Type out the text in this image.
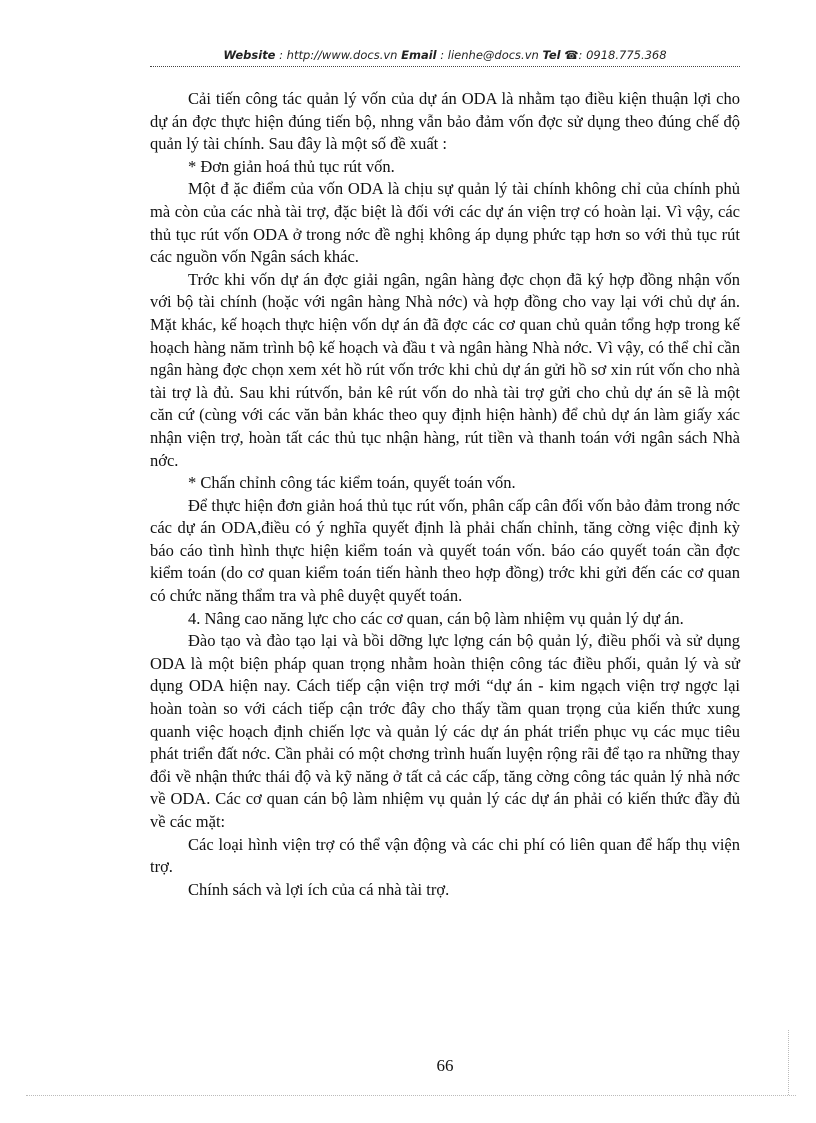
Website : http://www.docs.vn Email : lienhe@docs.vn Tel ☎: 0918.775.368

Cải tiến công tác quản lý vốn của dự án ODA là nhằm tạo điều kiện thuận lợi cho dự án đợc thực hiện đúng tiến bộ, nhng vẫn bảo đảm vốn đợc sử dụng theo đúng chế độ quản lý tài chính. Sau đây là một số đề xuất :

* Đơn giản hoá thủ tục rút vốn.

Một đ ặc điểm của vốn ODA là chịu sự quản lý tài chính không chỉ của chính phủ mà còn của các nhà tài trợ, đặc biệt là đối với các dự án viện trợ có hoàn lại. Vì vậy, các thủ tục rút vốn ODA ở trong nớc đề nghị không áp dụng phức tạp hơn so với thủ tục rút các nguồn vốn Ngân sách khác.

Trớc khi vốn dự án đợc giải ngân, ngân hàng đợc chọn đã ký hợp đồng nhận vốn với bộ tài chính (hoặc với ngân hàng Nhà nớc) và hợp đồng cho vay lại với chủ dự án. Mặt khác, kế hoạch thực hiện vốn dự án đã đợc các cơ quan chủ quản tổng hợp trong kế hoạch hàng năm trình bộ kế hoạch và đầu t và ngân hàng Nhà nớc. Vì vậy, có thể chỉ cần ngân hàng đợc chọn xem xét hồ rút vốn trớc khi chủ dự án gửi hồ sơ xin rút vốn cho nhà tài trợ là đủ. Sau khi rútvốn, bản kê rút vốn do nhà tài trợ gửi cho chủ dự án sẽ là một căn cứ (cùng với các văn bản khác theo quy định hiện hành) để chủ dự án làm giấy xác nhận viện trợ, hoàn tất các thủ tục nhận hàng, rút tiền và thanh toán với ngân sách Nhà nớc.

* Chấn chỉnh công tác kiểm toán, quyết toán vốn.

Để thực hiện đơn giản hoá thủ tục rút vốn, phân cấp cân đối vốn bảo đảm trong nớc các dự án ODA,điều có ý nghĩa quyết định là phải chấn chỉnh, tăng cờng việc định kỳ báo cáo tình hình thực hiện kiểm toán và quyết toán vốn. báo cáo quyết toán cần đợc kiểm toán (do cơ quan kiểm toán tiến hành theo hợp đồng) trớc khi gửi đến các cơ quan có chức năng thẩm tra và phê duyệt quyết toán.

4. Nâng cao năng lực cho các cơ quan, cán bộ làm nhiệm vụ quản lý dự án.

Đào tạo và đào tạo lại và bồi dỡng lực lợng cán bộ quản lý, điều phối và sử dụng ODA là một biện pháp quan trọng nhằm hoàn thiện công tác điều phối, quản lý và sử dụng ODA hiện nay. Cách tiếp cận viện trợ mới “dự án - kim ngạch viện trợ ngợc lại hoàn toàn so với cách tiếp cận trớc đây cho thấy tầm quan trọng của kiến thức xung quanh việc hoạch định chiến lợc và quản lý các dự án phát triển phục vụ các mục tiêu phát triển đất nớc. Cần phải có một chơng trình huấn luyện rộng rãi để tạo ra những thay đổi về nhận thức thái độ và kỹ năng ở tất cả các cấp, tăng cờng công tác quản lý nhà nớc về ODA. Các cơ quan cán bộ làm nhiệm vụ quản lý các dự án phải có kiến thức đầy đủ về các mặt:

Các loại hình viện trợ có thể vận động và các chi phí có liên quan để hấp thụ viện trợ.

Chính sách và lợi ích của cá nhà tài trợ.

66
